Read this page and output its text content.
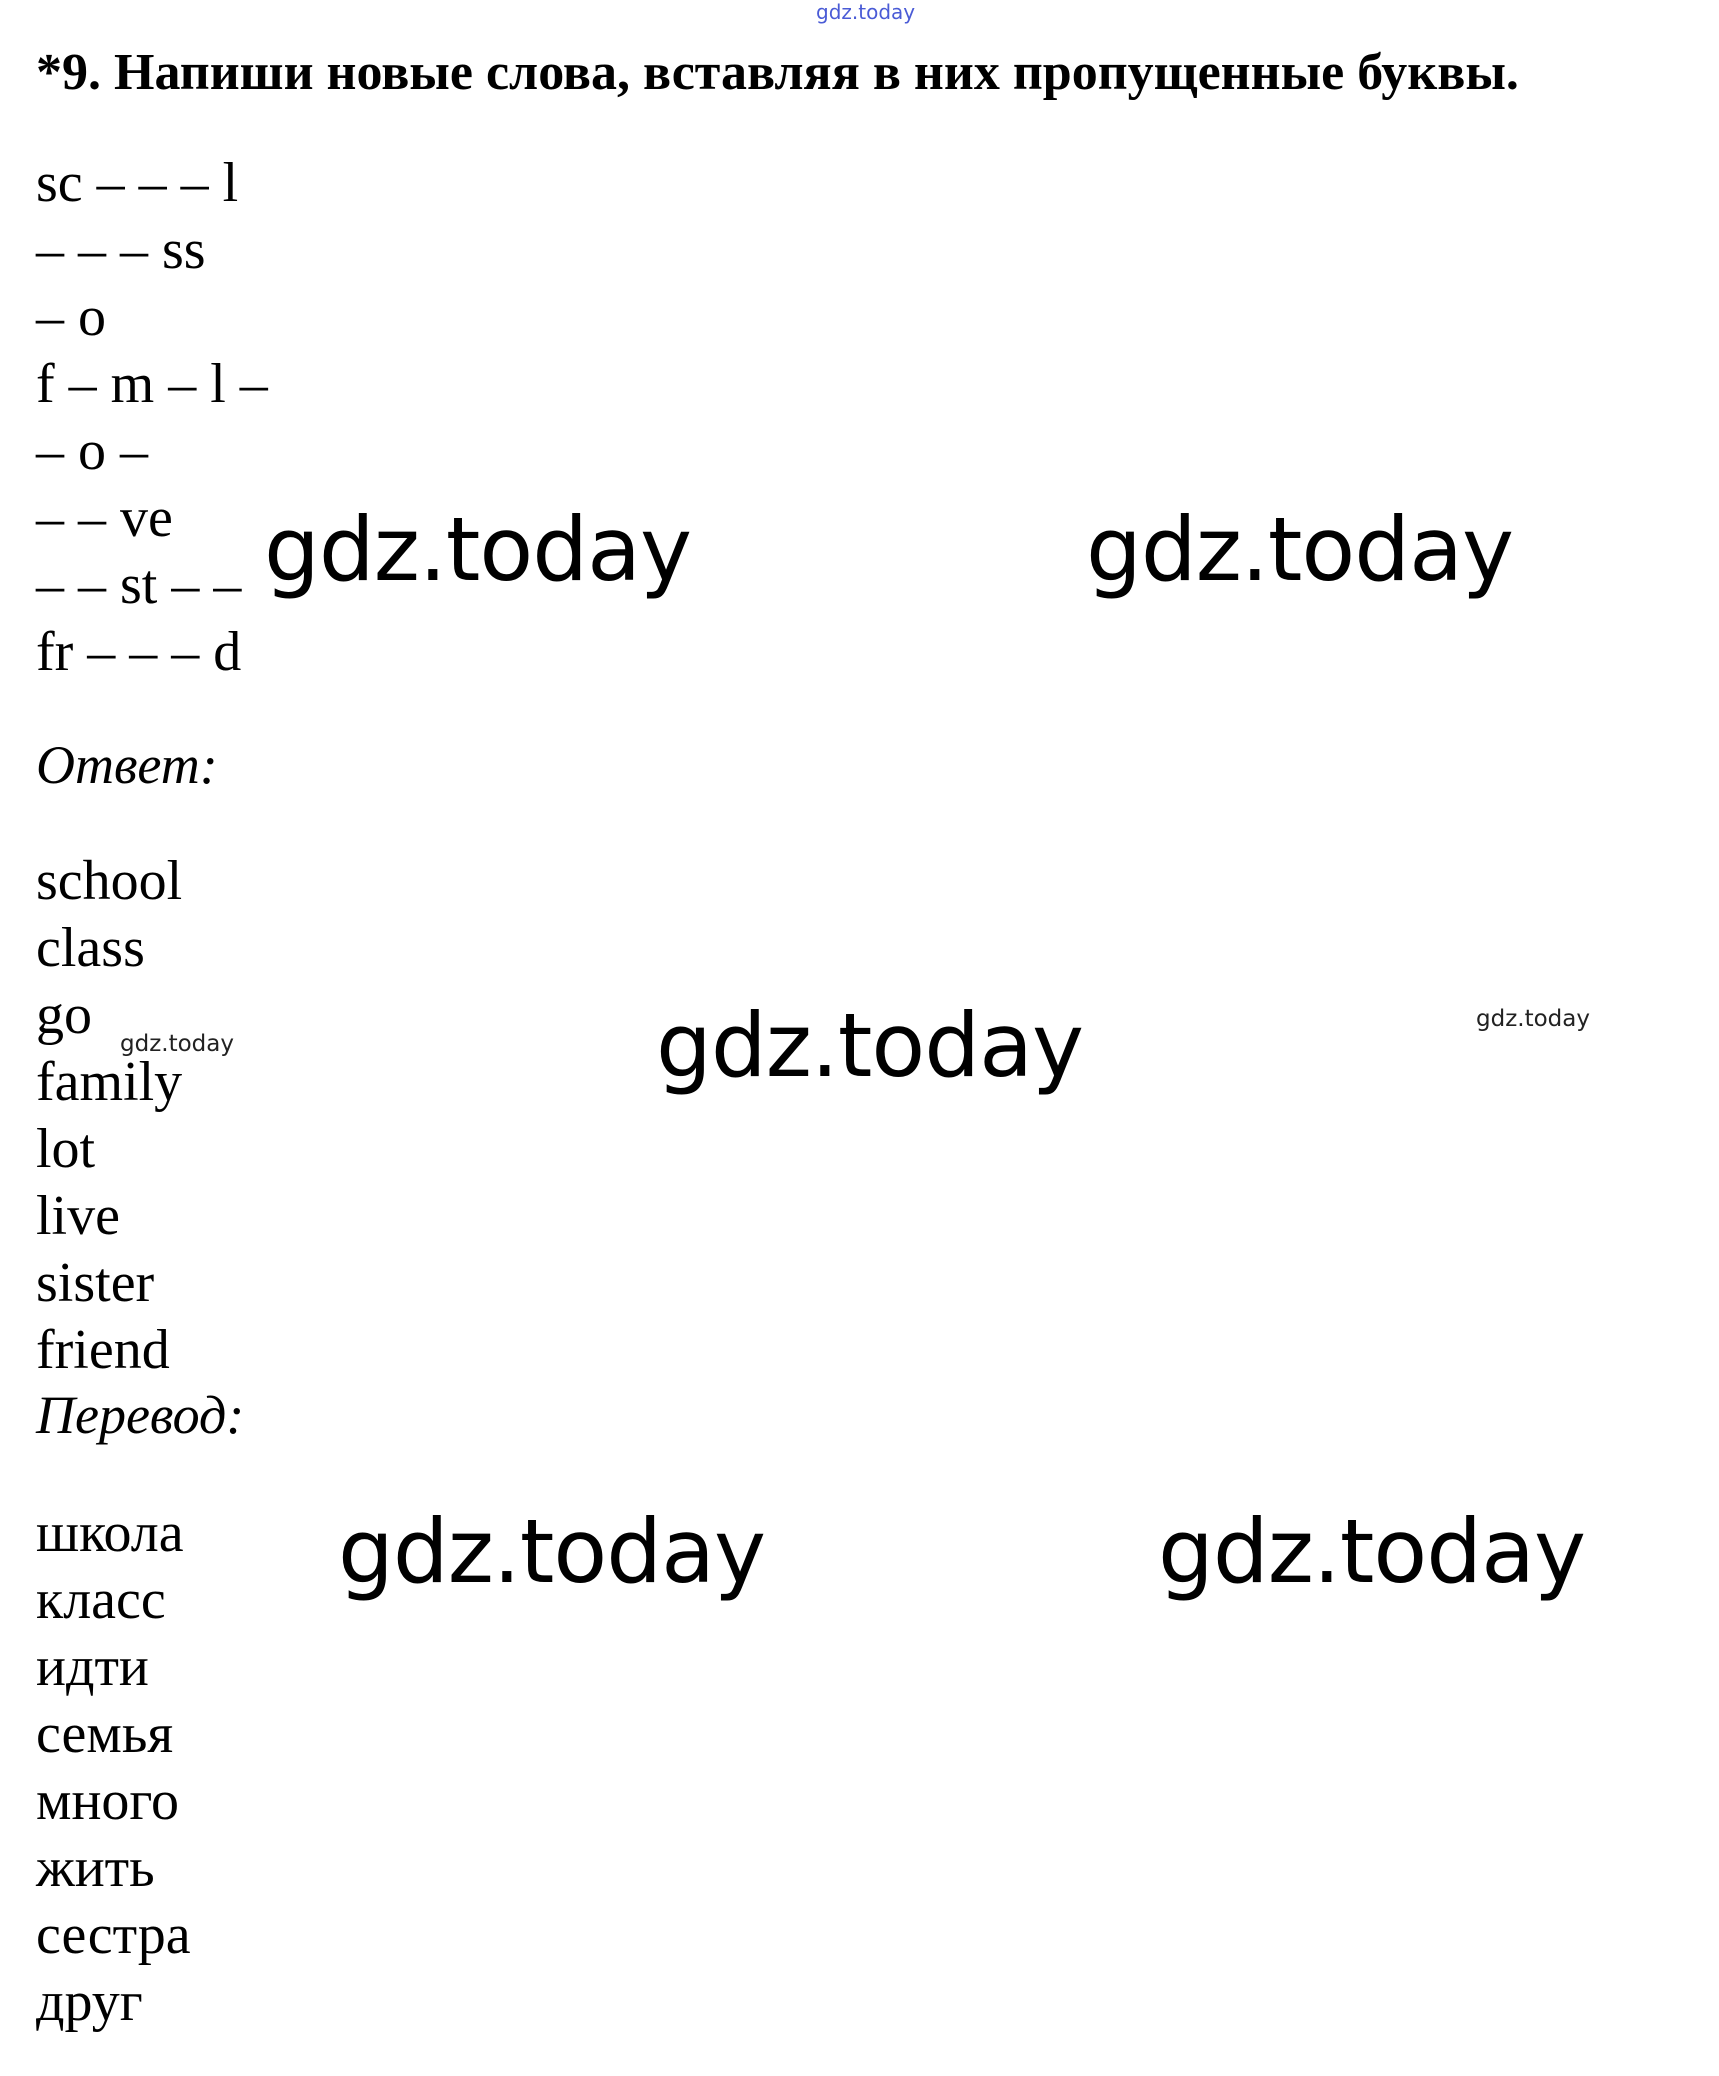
gdz.today
*9. Напиши новые слова, вставляя в них пропущенные буквы.
sc – – – l
– – – ss
– o
f – m – l –
– o –
– – ve
– – st – –
fr – – – d
Ответ:
school
class
go
family
lot
live
sister
friend
Перевод:
школа
класс
идти
семья
много
жить
сестра
друг
gdz.today	gdz.today
gdz.today
gdz.today
gdz.today
gdz.today	gdz.today
